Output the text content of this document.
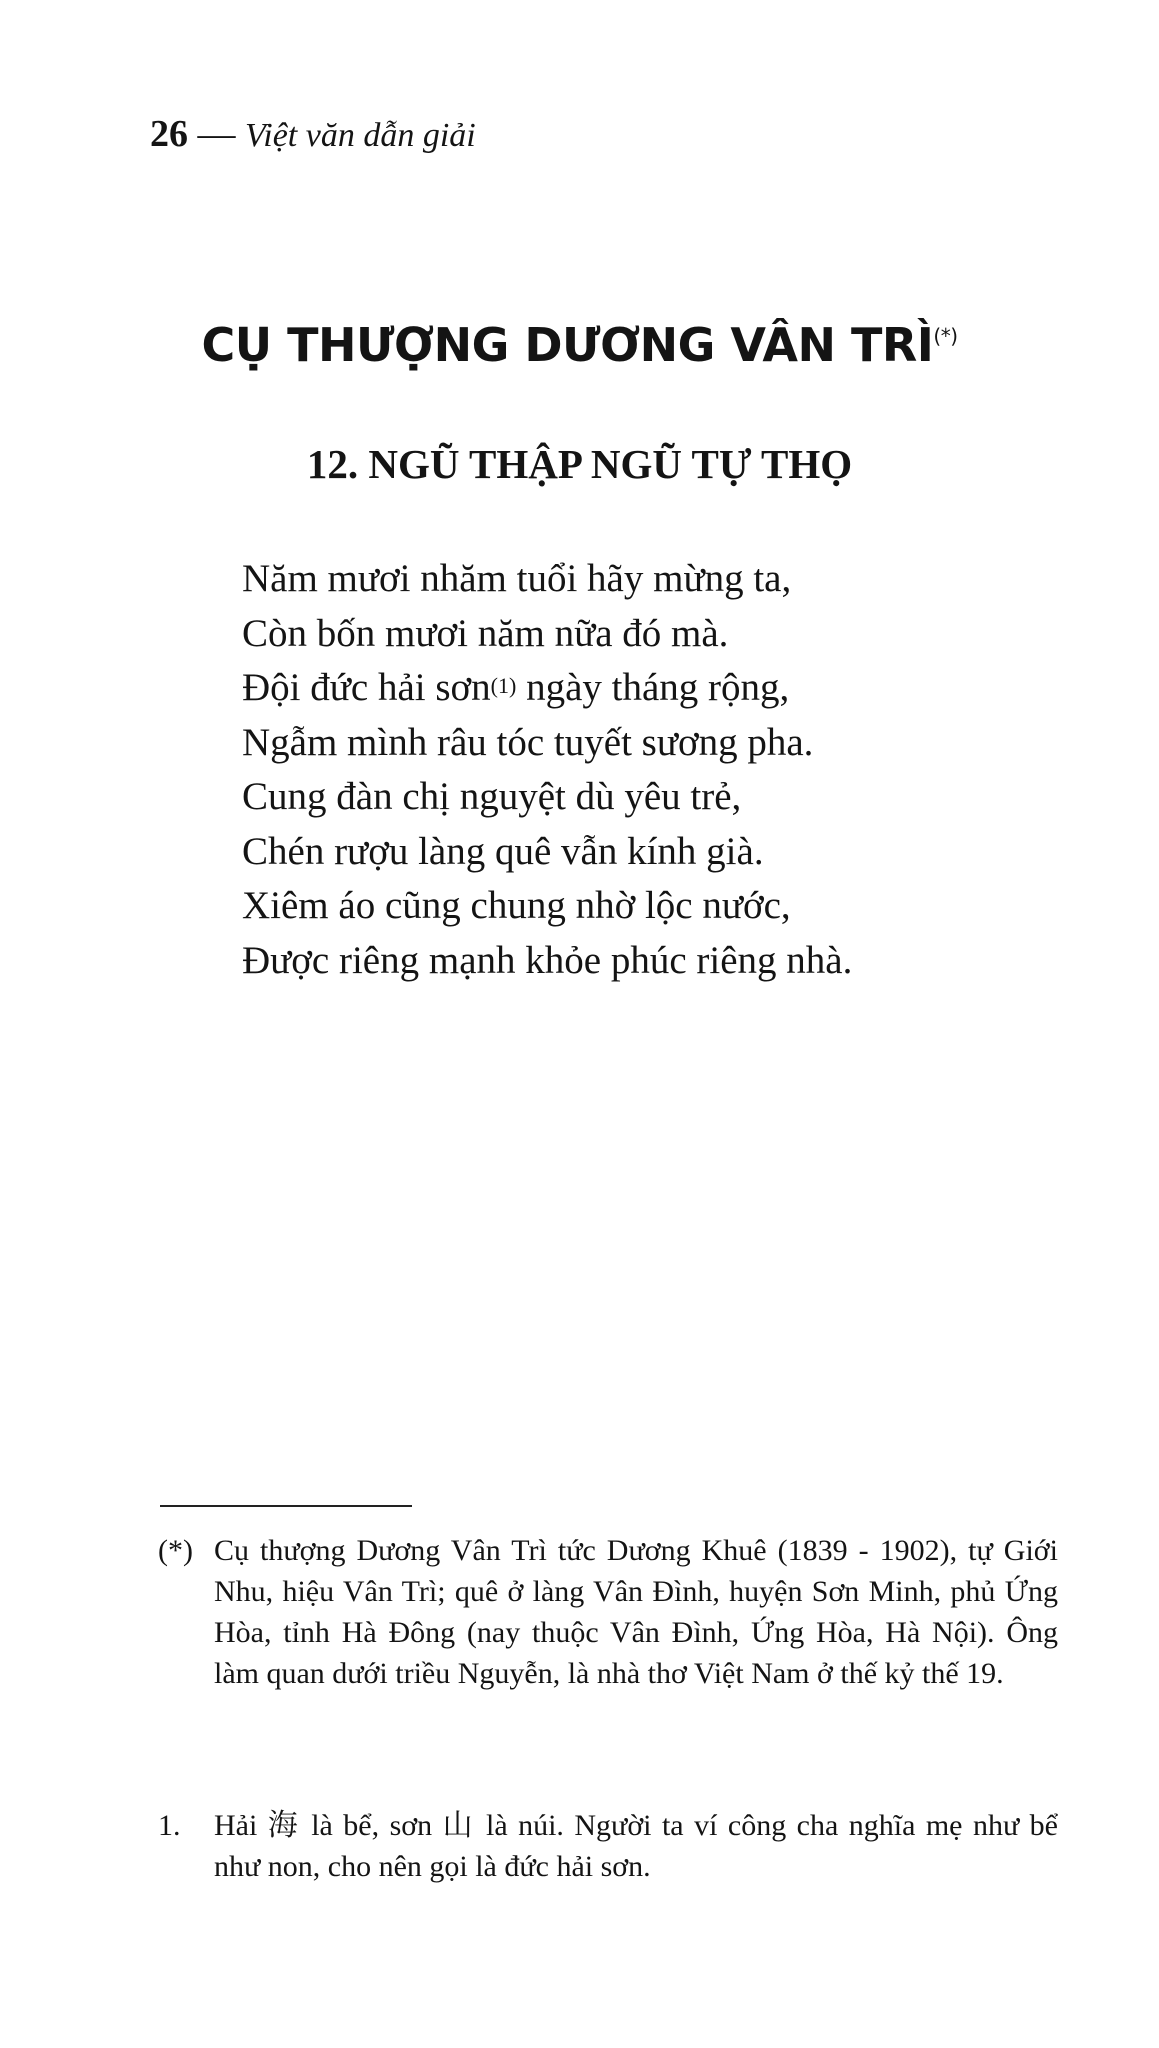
26 — Việt văn dẫn giải
CỤ THƯỢNG DƯƠNG VÂN TRÌ(*)
12. NGŨ THẬP NGŨ TỰ THỌ
Năm mươi nhăm tuổi hãy mừng ta,
Còn bốn mươi năm nữa đó mà.
Đội đức hải sơn$^{(1)}$ ngày tháng rộng,
Ngẫm mình râu tóc tuyết sương pha.
Cung đàn chị nguyệt dù yêu trẻ,
Chén rượu làng quê vẫn kính già.
Xiêm áo cũng chung nhờ lộc nước,
Được riêng mạnh khỏe phúc riêng nhà.
(*) Cụ thượng Dương Vân Trì tức Dương Khuê (1839 - 1902), tự Giới Nhu, hiệu Vân Trì; quê ở làng Vân Đình, huyện Sơn Minh, phủ Ứng Hòa, tỉnh Hà Đông (nay thuộc Vân Đình, Ứng Hòa, Hà Nội). Ông làm quan dưới triều Nguyễn, là nhà thơ Việt Nam ở thế kỷ thế 19.
1. Hải 海 là bể, sơn 山 là núi. Người ta ví công cha nghĩa mẹ như bể như non, cho nên gọi là đức hải sơn.
